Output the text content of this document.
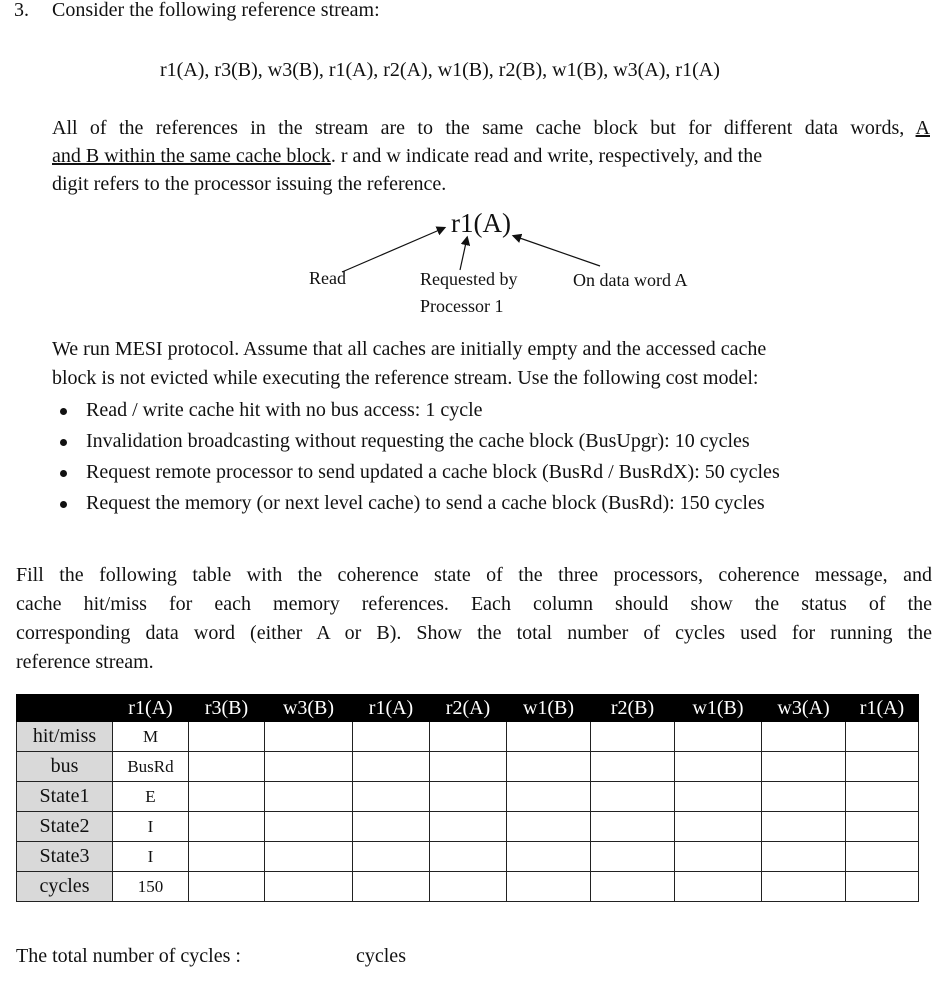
3. Consider the following reference stream:
r1(A), r3(B), w3(B), r1(A), r2(A), w1(B), r2(B), w1(B), w3(A), r1(A)
All of the references in the stream are to the same cache block but for different data words, A
and B within the same cache block. r and w indicate read and write, respectively, and the
digit refers to the processor issuing the reference.
r1(A)
Read	Requested by
Processor 1
On data word A
We run MESI protocol. Assume that all caches are initially empty and the accessed cache
block is not evicted while executing the reference stream. Use the following cost model:
Read / write cache hit with no bus access: 1 cycle
Invalidation broadcasting without requesting the cache block (BusUpgr): 10 cycles
Request remote processor to send updated a cache block (BusRd / BusRdX): 50 cycles
Request the memory (or next level cache) to send a cache block (BusRd): 150 cycles
Fill the following table with the coherence state of the three processors, coherence message, and
cache hit/miss for each memory references. Each column should show the status of the
corresponding data word (either A or B). Show the total number of cycles used for running the
reference stream.
	r1(A)	r3(B)	w3(B)	r1(A)	r2(A)	w1(B)	r2(B)	w1(B)	w3(A)	r1(A)
hit/miss	M									
bus	BusRd									
State1	E									
State2	I									
State3	I									
cycles	150									
The total number of cycles :	cycles
